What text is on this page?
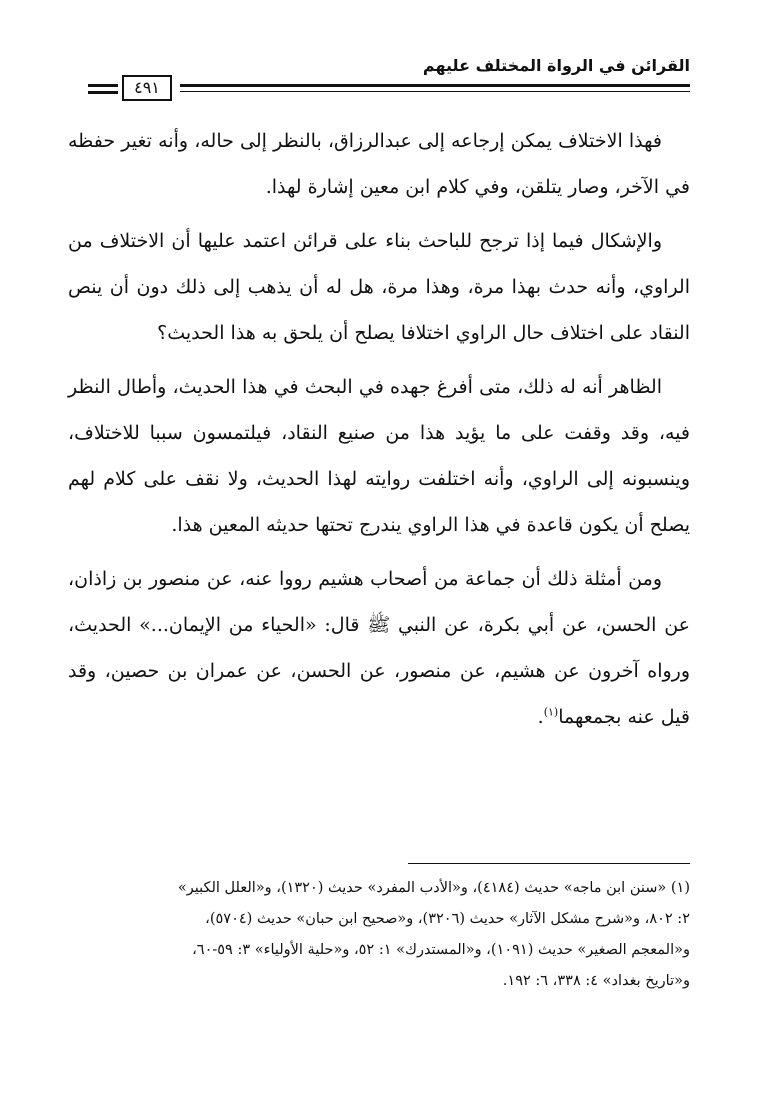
القرائن في الرواة المختلف عليهم
٤٩١

فهذا الاختلاف يمكن إرجاعه إلى عبدالرزاق، بالنظر إلى حاله، وأنه تغير حفظه في الآخر، وصار يتلقن، وفي كلام ابن معين إشارة لهذا.

والإشكال فيما إذا ترجح للباحث بناء على قرائن اعتمد عليها أن الاختلاف من الراوي، وأنه حدث بهذا مرة، وهذا مرة، هل له أن يذهب إلى ذلك دون أن ينص النقاد على اختلاف حال الراوي اختلافا يصلح أن يلحق به هذا الحديث؟

الظاهر أنه له ذلك، متى أفرغ جهده في البحث في هذا الحديث، وأطال النظر فيه، وقد وقفت على ما يؤيد هذا من صنيع النقاد، فيلتمسون سببا للاختلاف، وينسبونه إلى الراوي، وأنه اختلفت روايته لهذا الحديث، ولا نقف على كلام لهم يصلح أن يكون قاعدة في هذا الراوي يندرج تحتها حديثه المعين هذا.

ومن أمثلة ذلك أن جماعة من أصحاب هشيم رووا عنه، عن منصور بن زاذان، عن الحسن، عن أبي بكرة، عن النبي ﷺ قال: «الحياء من الإيمان...» الحديث، ورواه آخرون عن هشيم، عن منصور، عن الحسن، عن عمران بن حصين، وقد قيل عنه بجمعهما$^{(١)}$.

(١) «سنن ابن ماجه» حديث (٤١٨٤)، و«الأدب المفرد» حديث (١٣٢٠)، و«العلل الكبير»

٢: ٨٠٢، و«شرح مشكل الآثار» حديث (٣٢٠٦)، و«صحيح ابن حبان» حديث (٥٧٠٤)،

و«المعجم الصغير» حديث (١٠٩١)، و«المستدرك» ١: ٥٢، و«حلية الأولياء» ٣: ٥٩-٦٠،

و«تاريخ بغداد» ٤: ٣٣٨، ٦: ١٩٢.
